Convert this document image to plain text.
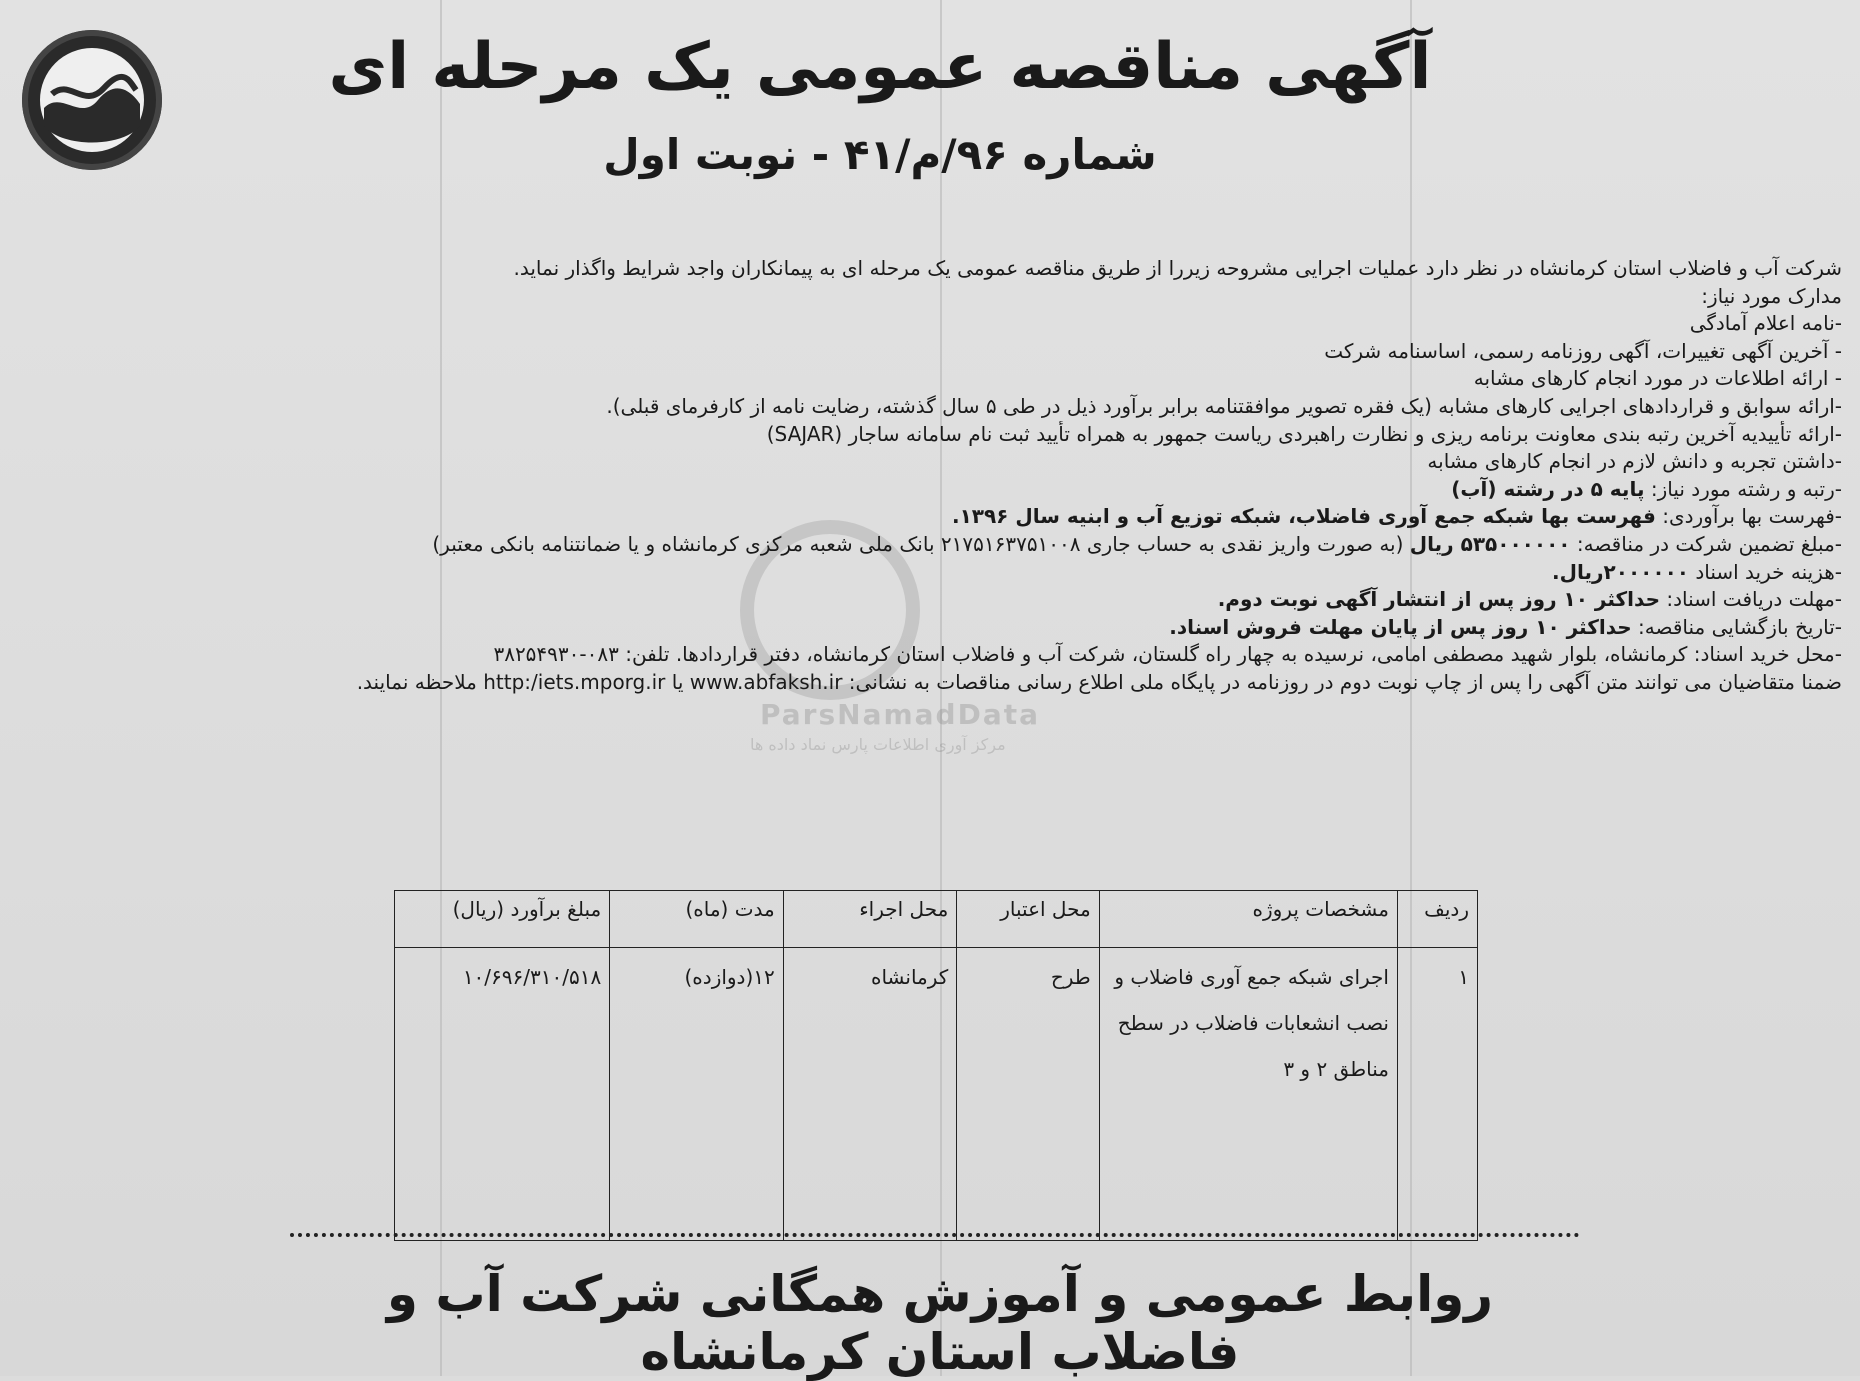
آگهی مناقصه عمومی یک مرحله ای
شماره ۹۶/م/۴۱ - نوبت اول
ParsNamadData
مرکز آوری اطلاعات پارس نماد داده ها
شرکت آب و فاضلاب استان کرمانشاه در نظر دارد عملیات اجرایی مشروحه زیررا از طریق مناقصه عمومی یک مرحله ای به پیمانکاران واجد شرایط واگذار نماید.
مدارک مورد نیاز:
-نامه اعلام آمادگی
- آخرین آگهی تغییرات، آگهی روزنامه رسمی، اساسنامه شرکت
- ارائه اطلاعات در مورد انجام کارهای مشابه
-ارائه سوابق و قراردادهای اجرایی کارهای مشابه (یک فقره تصویر موافقتنامه برابر برآورد ذیل در طی ۵ سال گذشته، رضایت نامه از کارفرمای قبلی).
-ارائه تأییدیه آخرین رتبه بندی معاونت برنامه ریزی و نظارت راهبردی ریاست جمهور به همراه تأیید ثبت نام سامانه ساجار (SAJAR)
-داشتن تجربه و دانش لازم در انجام کارهای مشابه
-رتبه و رشته مورد نیاز: پایه ۵ در رشته (آب)
-فهرست بها برآوردی: فهرست بها شبکه جمع آوری فاضلاب، شبکه توزیع آب و ابنیه سال ۱۳۹۶.
-مبلغ تضمین شرکت در مناقصه: ۵۳۵۰۰۰۰۰۰ ریال (به صورت واریز نقدی به حساب جاری ۲۱۷۵۱۶۳۷۵۱۰۰۸ بانک ملی شعبه مرکزی کرمانشاه و یا ضمانتنامه بانکی معتبر)
-هزینه خرید اسناد ۲۰۰۰۰۰۰ریال.
-مهلت دریافت اسناد: حداکثر ۱۰ روز پس از انتشار آگهی نوبت دوم.
-تاریخ بازگشایی مناقصه: حداکثر ۱۰ روز پس از پایان مهلت فروش اسناد.
-محل خرید اسناد: کرمانشاه، بلوار شهید مصطفی امامی، نرسیده به چهار راه گلستان، شرکت آب و فاضلاب استان کرمانشاه، دفتر قراردادها. تلفن: ۰۸۳-۳۸۲۵۴۹۳۰
ضمنا متقاضیان می توانند متن آگهی را پس از چاپ نوبت دوم در روزنامه در پایگاه ملی اطلاع رسانی مناقصات به نشانی: www.abfaksh.ir یا http:/iets.mporg.ir ملاحظه نمایند.
ردیف	مشخصات پروژه	محل اعتبار	محل اجراء	مدت (ماه)	مبلغ برآورد (ریال)
۱	اجرای شبکه جمع آوری فاضلاب و نصب انشعابات فاضلاب در سطح مناطق ۲ و ۳	طرح	کرمانشاه	۱۲(دوازده)	۱۰/۶۹۶/۳۱۰/۵۱۸
روابط عمومی و آموزش همگانی شرکت آب و فاضلاب استان کرمانشاه
